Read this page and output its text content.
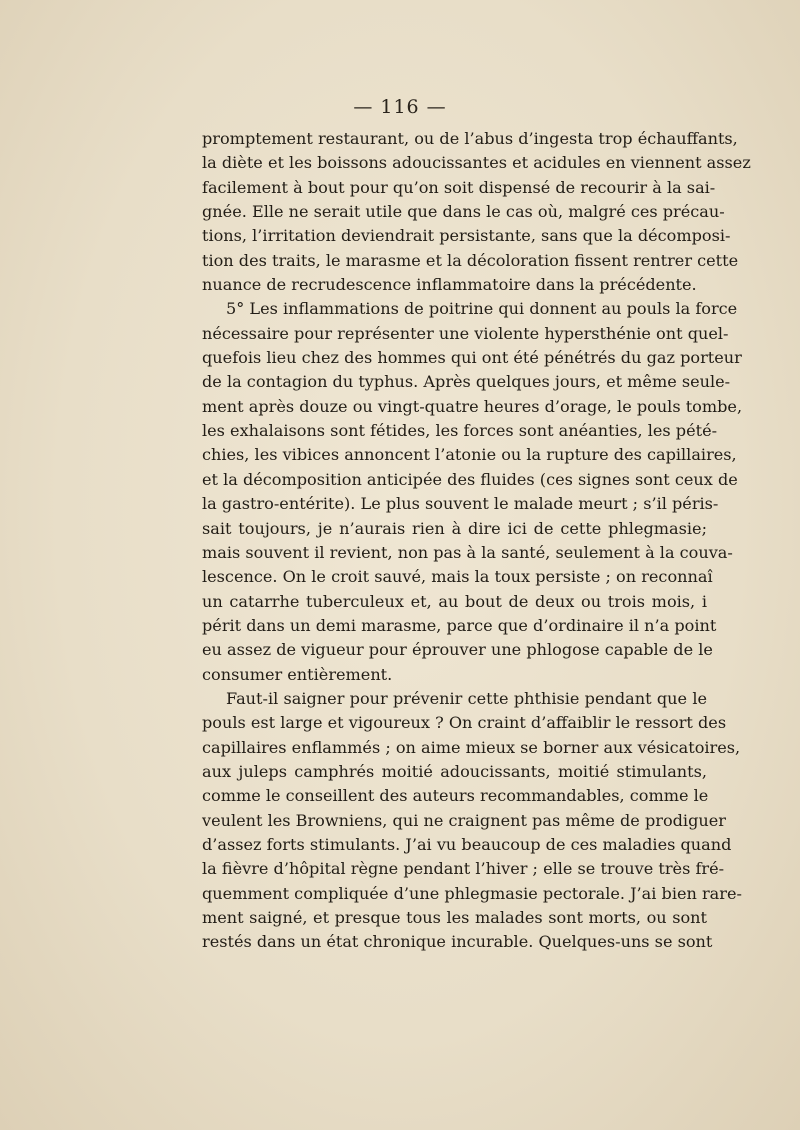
— 116 —
promptement restaurant, ou de l’abus d’ingesta trop échauffants,
la diète et les boissons adoucissantes et acidules en viennent assez
facilement à bout pour qu’on soit dispensé de recourir à la sai-
gnée. Elle ne serait utile que dans le cas où, malgré ces précau-
tions, l’irritation deviendrait persistante, sans que la décomposi-
tion des traits, le marasme et la décoloration fissent rentrer cette
nuance de recrudescence inflammatoire dans la précédente.
5° Les inflammations de poitrine qui donnent au pouls la force
nécessaire pour représenter une violente hypersthénie ont quel-
quefois lieu chez des hommes qui ont été pénétrés du gaz porteur
de la contagion du typhus. Après quelques jours, et même seule-
ment après douze ou vingt-quatre heures d’orage, le pouls tombe,
les exhalaisons sont fétides, les forces sont anéanties, les pété-
chies, les vibices annoncent l’atonie ou la rupture des capillaires,
et la décomposition anticipée des fluides (ces signes sont ceux de
la gastro-entérite). Le plus souvent le malade meurt ; s’il péris-
sait toujours, je n’aurais rien à dire ici de cette phlegmasie;
mais souvent il revient, non pas à la santé, seulement à la couva-
lescence. On le croit sauvé, mais la toux persiste ; on reconnaî
un catarrhe tuberculeux et, au bout de deux ou trois mois, i
périt dans un demi marasme, parce que d’ordinaire il n’a point
eu assez de vigueur pour éprouver une phlogose capable de le
consumer entièrement.
Faut-il saigner pour prévenir cette phthisie pendant que le
pouls est large et vigoureux ? On craint d’affaiblir le ressort des
capillaires enflammés ; on aime mieux se borner aux vésicatoires,
aux juleps camphrés moitié adoucissants, moitié stimulants,
comme le conseillent des auteurs recommandables, comme le
veulent les Browniens, qui ne craignent pas même de prodiguer
d’assez forts stimulants. J’ai vu beaucoup de ces maladies quand
la fièvre d’hôpital règne pendant l’hiver ; elle se trouve très fré-
quemment compliquée d’une phlegmasie pectorale. J’ai bien rare-
ment saigné, et presque tous les malades sont morts, ou sont
restés dans un état chronique incurable. Quelques-uns se sont
